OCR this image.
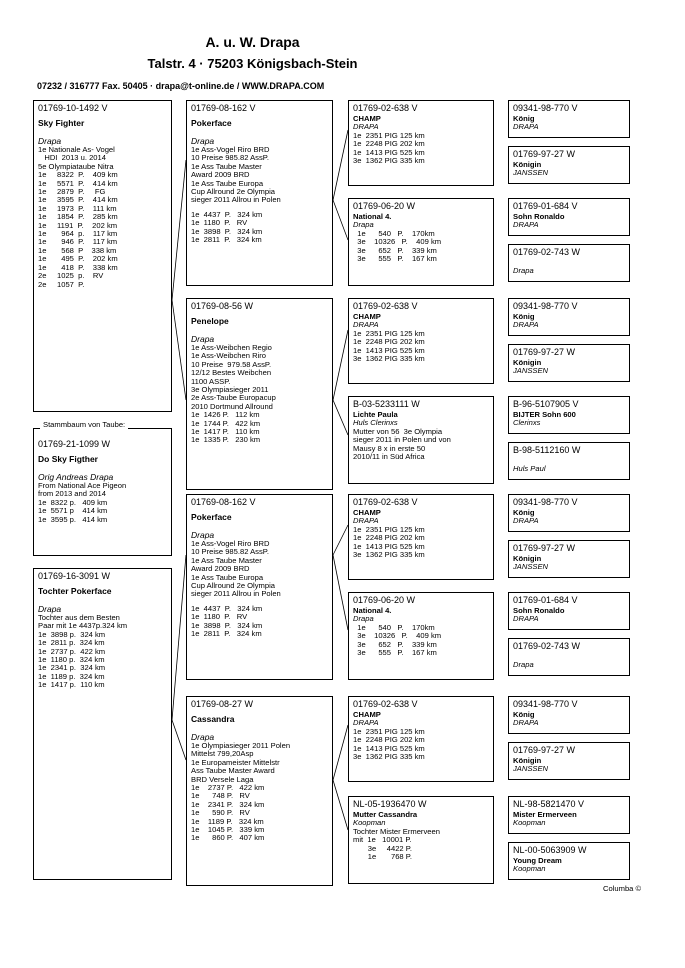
A. u. W. Drapa
Talstr. 4 · 75203 Königsbach-Stein
07232 / 316777 Fax. 50405 · drapa@t-online.de / WWW.DRAPA.COM
01769-10-1492 V
Sky Fighter
Drapa
1e Nationale As- Vogel
HDI  2013 u. 2014
5e Olympiataube Nitra
1e     8322  P.    409 km
1e     5571  P.    414 km
1e     2879  P.     FG
1e     3595  P.    414 km
1e     1973  P.    111 km
1e     1854  P.    285 km
1e     1191  P.    202 km
1e       964  p.    117 km
1e       946  P.    117 km
1e       568  P    338 km
1e       495  P.    202 km
1e       418  P.    338 km
2e     1025  p.    RV
2e     1057  P.
01769-21-1099 W
Do Sky Figther
Orig Andreas Drapa
From National Ace Pigeon
from 2013 and 2014
1e  8322 p.   409 km
1e  5571 p    414 km
1e  3595 p.   414 km
Stammbaum von Taube:
01769-16-3091 W
Tochter Pokerface
Drapa
Tochter aus dem Besten
Paar mit 1e 4437p.324 km
1e  3898 p.  324 km
1e  2811 p.  324 km
1e  2737 p.  422 km
1e  1180 p.  324 km
1e  2341 p.  324 km
1e  1189 p.  324 km
1e  1417 p.  110 km
01769-08-162 V
Pokerface
Drapa
1e Ass-Vogel Riro BRD
10 Preise 985.82 AssP.
1e Ass Taube Master
Award 2009 BRD
1e Ass Taube Europa
Cup Allround 2e Olympia
sieger 2011 Allrou in Polen
1e  4437  P.   324 km
1e  1180  P.   RV
1e  3898  P.   324 km
1e  2811  P.   324 km
01769-08-56 W
Penelope
Drapa
1e Ass-Weibchen Regio
1e Ass-Weibchen Riro
10 Preise  979.58 AssP.
12/12 Bestes Weibchen
1100 ASSP.
3e Olympiasieger 2011
2e Ass-Taube Europacup
2010 Dortmund Allround
1e  1426 P.   112 km
1e  1744 P.   422 km
1e  1417 P.   110 km
1e  1335 P.   230 km
01769-08-162 V
Pokerface
Drapa
1e Ass-Vogel Riro BRD
10 Preise 985.82 AssP.
1e Ass Taube Master
Award 2009 BRD
1e Ass Taube Europa
Cup Allround 2e Olympia
sieger 2011 Allrou in Polen
1e  4437  P.   324 km
1e  1180  P.   RV
1e  3898  P.   324 km
1e  2811  P.   324 km
01769-08-27 W
Cassandra
Drapa
1e Olympiasieger 2011 Polen
Mittelst 799,20Asp
1e Europameister Mittelstr
Ass Taube Master Award
BRD Versele Laga
1e    2737 P.   422 km
1e      748 P.   RV
1e    2341 P.   324 km
1e      590 P.   RV
1e    1189 P.   324 km
1e    1045 P.   339 km
1e      860 P.   407 km
01769-02-638 V
CHAMP
DRAPA
1e  2351 PIG 125 km
1e  2248 PIG 202 km
1e  1413 PIG 525 km
3e  1362 PIG 335 km
01769-06-20 W
National 4.
Drapa
1e      540   P.    170km
3e    10326   P.    409 km
3e      652   P.    339 km
3e      555   P.    167 km
01769-02-638 V
CHAMP
DRAPA
1e  2351 PIG 125 km
1e  2248 PIG 202 km
1e  1413 PIG 525 km
3e  1362 PIG 335 km
B-03-5233111 W
Lichte Paula
Huls Clerinxs
Mutter von 56  3e Olympia
sieger 2011 in Polen und von
Mausy 8 x in erste 50
2010/11 in Süd Africa
01769-02-638 V
CHAMP
DRAPA
1e  2351 PIG 125 km
1e  2248 PIG 202 km
1e  1413 PIG 525 km
3e  1362 PIG 335 km
01769-06-20 W
National 4.
Drapa
1e      540   P.    170km
3e    10326   P.    409 km
3e      652   P.    339 km
3e      555   P.    167 km
01769-02-638 V
CHAMP
DRAPA
1e  2351 PIG 125 km
1e  2248 PIG 202 km
1e  1413 PIG 525 km
3e  1362 PIG 335 km
NL-05-1936470 W
Mutter Cassandra
Koopman
Tochter Mister Ermerveen
mit  1e   10001 P.
3e     4422 P.
1e       768 P.
09341-98-770 V
König
DRAPA
01769-97-27 W
Königin
JANSSEN
01769-01-684 V
Sohn Ronaldo
DRAPA
01769-02-743 W
Drapa
09341-98-770 V
König
DRAPA
01769-97-27 W
Königin
JANSSEN
B-96-5107905 V
BIJTER Sohn 600
Clerinxs
B-98-5112160 W
Huls Paul
09341-98-770 V
König
DRAPA
01769-97-27 W
Königin
JANSSEN
01769-01-684 V
Sohn Ronaldo
DRAPA
01769-02-743 W
Drapa
09341-98-770 V
König
DRAPA
01769-97-27 W
Königin
JANSSEN
NL-98-5821470 V
Mister Ermerveen
Koopman
NL-00-5063909 W
Young Dream
Koopman
Columba ©
